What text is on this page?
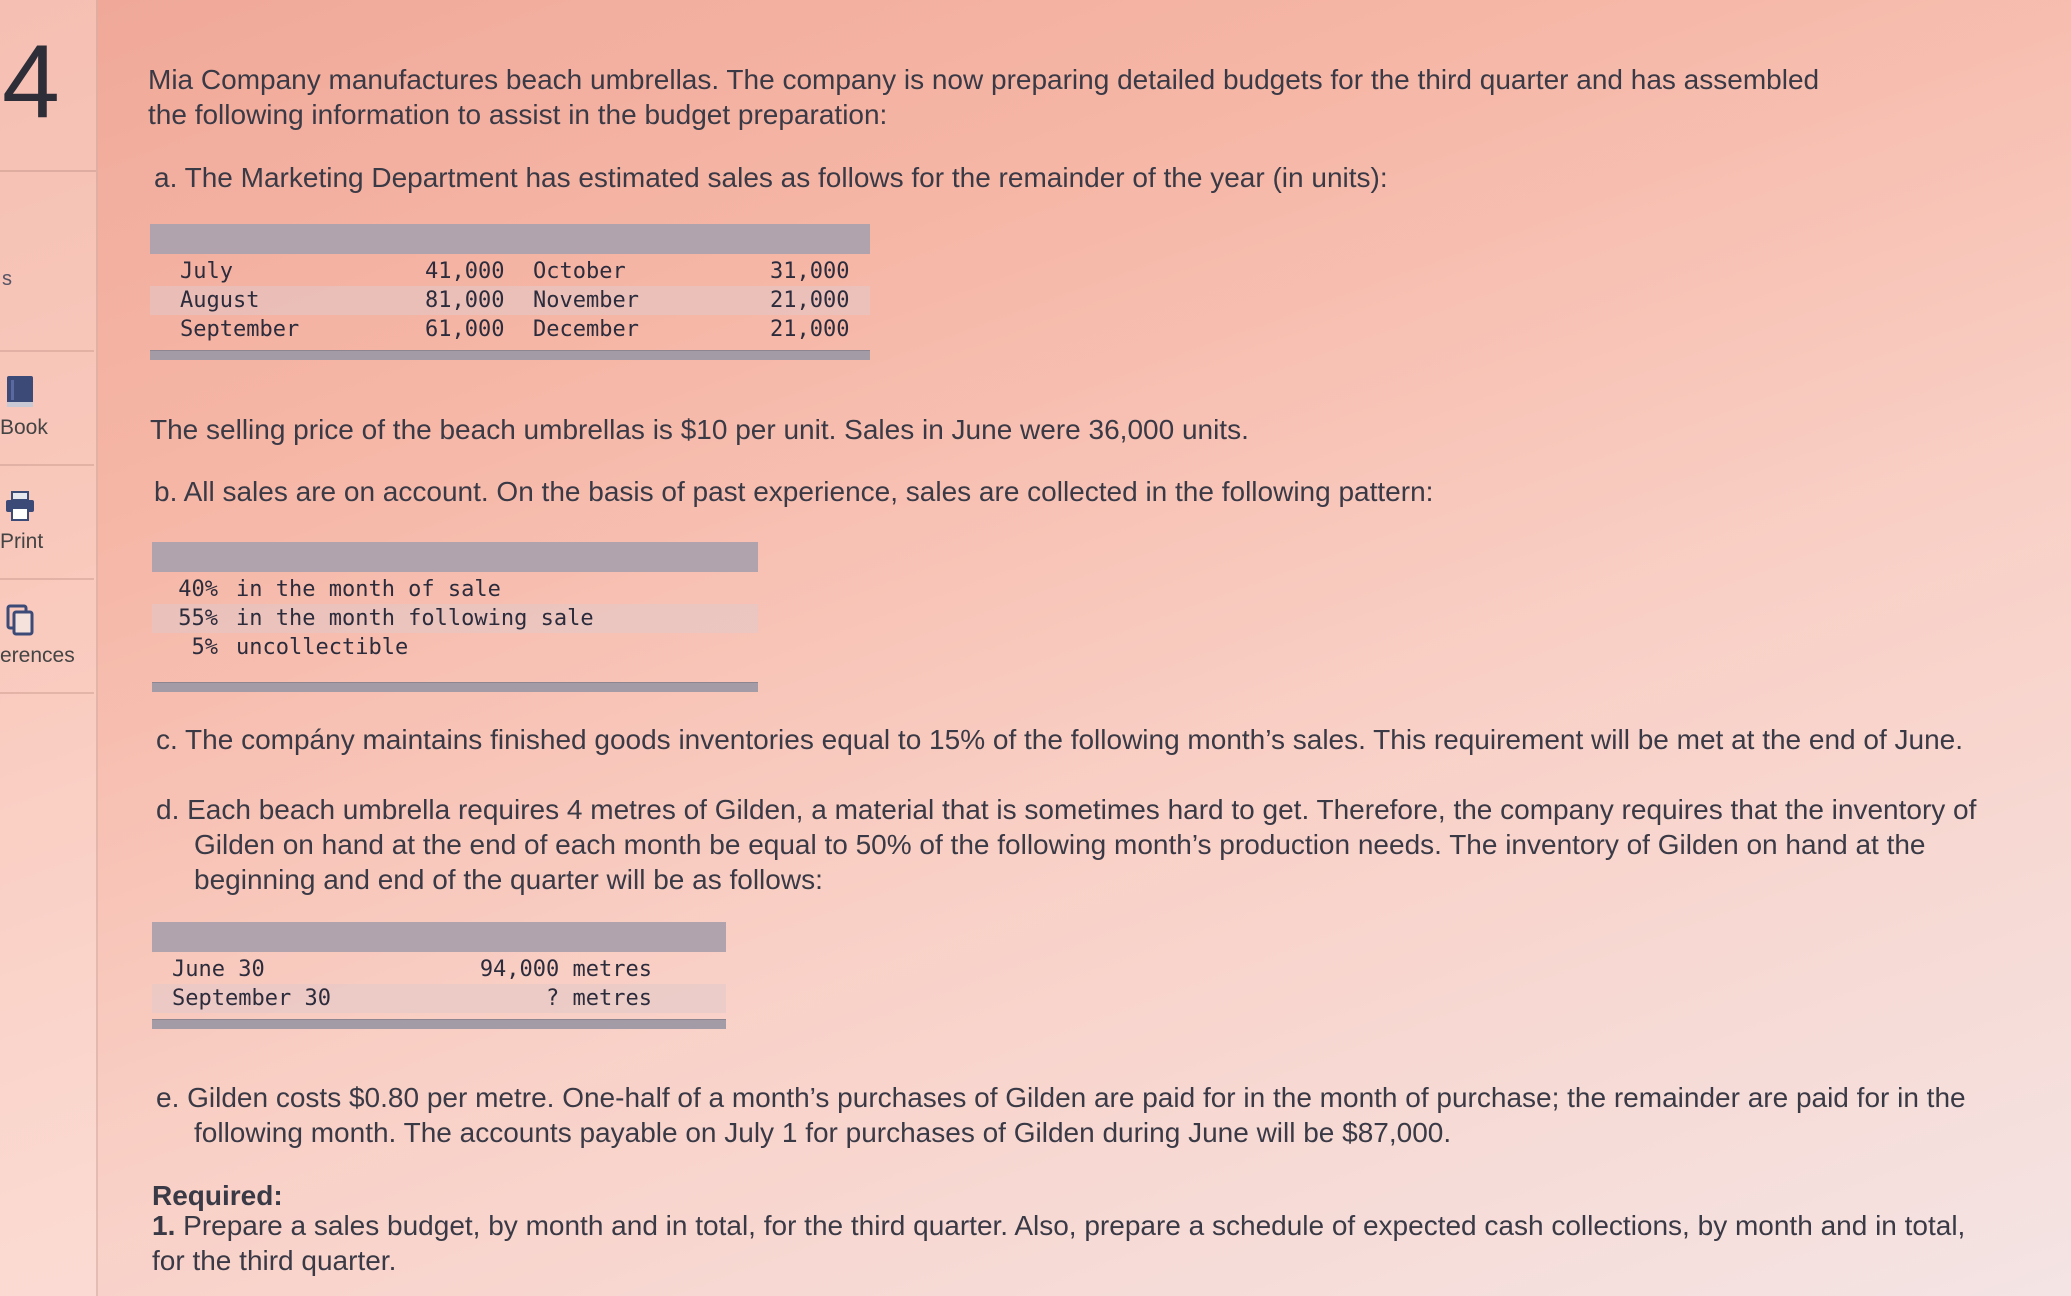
4
s
Book
Print
erences
Mia Company manufactures beach umbrellas. The company is now preparing detailed budgets for the third quarter and has assembled the following information to assist in the budget preparation:
a. The Marketing Department has estimated sales as follows for the remainder of the year (in units):
July	41,000 October	31,000
August	81,000 November	21,000
September	61,000 December	21,000
The selling price of the beach umbrellas is $10 per unit. Sales in June were 36,000 units.
b. All sales are on account. On the basis of past experience, sales are collected in the following pattern:
40% in the month of sale
55% in the month following sale
5% uncollectible
c. The compány maintains finished goods inventories equal to 15% of the following month’s sales. This requirement will be met at the end of June.
d. Each beach umbrella requires 4 metres of Gilden, a material that is sometimes hard to get. Therefore, the company requires that the inventory of Gilden on hand at the end of each month be equal to 50% of the following month’s production needs. The inventory of Gilden on hand at the beginning and end of the quarter will be as follows:
June 30	94,000 metres
September 30	? metres
e. Gilden costs $0.80 per metre. One-half of a month’s purchases of Gilden are paid for in the month of purchase; the remainder are paid for in the following month. The accounts payable on July 1 for purchases of Gilden during June will be $87,000.
Required:
1. Prepare a sales budget, by month and in total, for the third quarter. Also, prepare a schedule of expected cash collections, by month and in total, for the third quarter.
